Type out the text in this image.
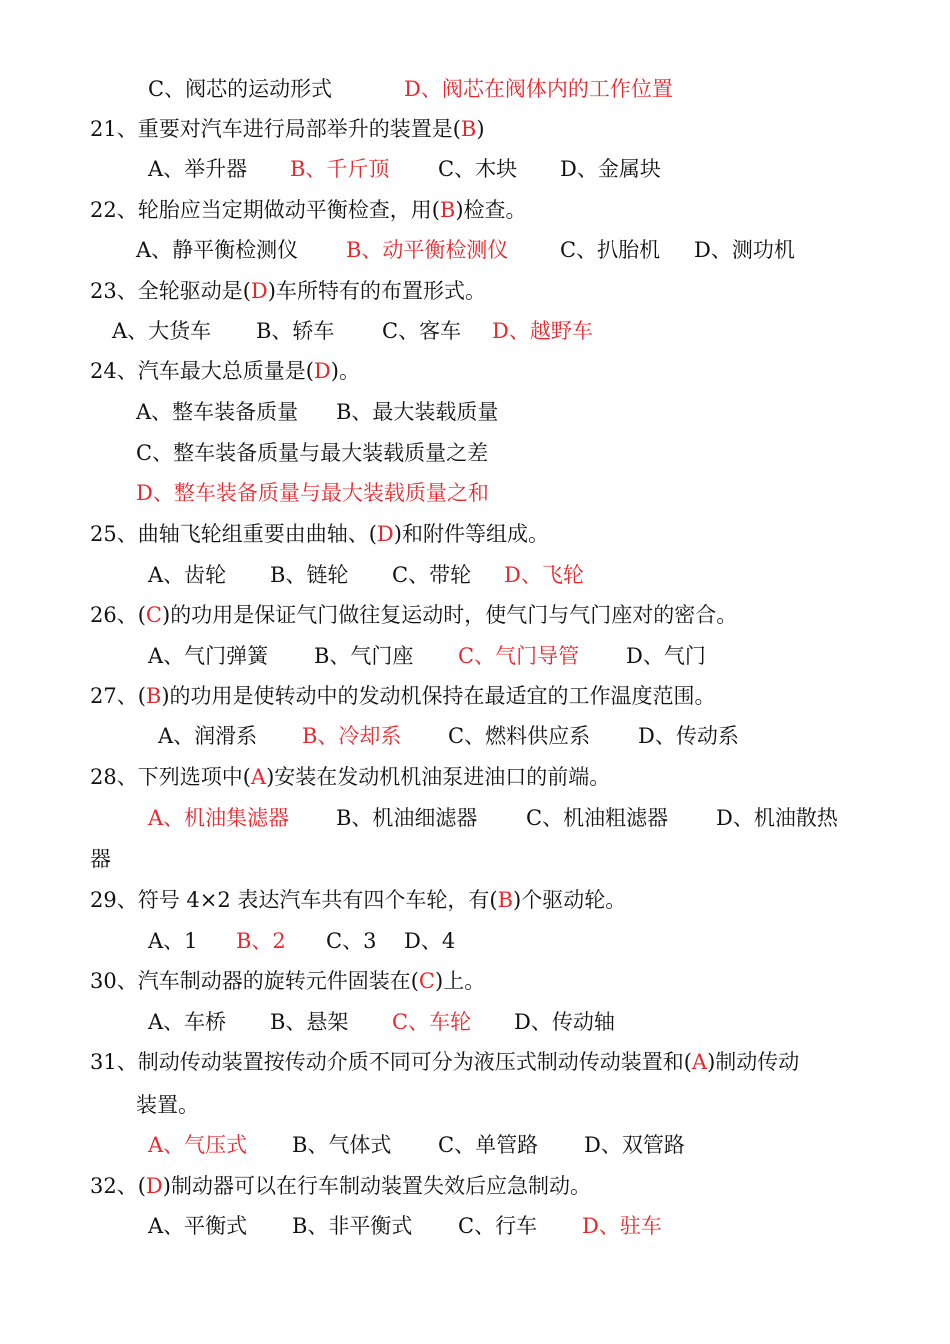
C、阀芯的运动形式	D、阀芯在阀体内的工作位置
21、重要对汽车进行局部举升的装置是(B)
A、举升器 B、千斤顶 C、木块 D、金属块
22、轮胎应当定期做动平衡检查，用(B)检查。
A、静平衡检测仪 B、动平衡检测仪 C、扒胎机 D、测功机
23、全轮驱动是(D)车所特有的布置形式。
A、大货车 B、轿车 C、客车 D、越野车
24、汽车最大总质量是(D)。
A、整车装备质量 B、最大装载质量
C、整车装备质量与最大装载质量之差
D、整车装备质量与最大装载质量之和
25、曲轴飞轮组重要由曲轴、(D)和附件等组成。
A、齿轮 B、链轮 C、带轮 D、飞轮
26、(C)的功用是保证气门做往复运动时，使气门与气门座对的密合。
A、气门弹簧 B、气门座 C、气门导管 D、气门
27、(B)的功用是使转动中的发动机保持在最适宜的工作温度范围。
A、润滑系 B、冷却系 C、燃料供应系 D、传动系
28、下列选项中(A)安装在发动机机油泵进油口的前端。
A、机油集滤器 B、机油细滤器 C、机油粗滤器 D、机油散热
器
29、符号 4×2 表达汽车共有四个车轮，有(B)个驱动轮。
A、1 B、2 C、3 D、4
30、汽车制动器的旋转元件固装在(C)上。
A、车桥 B、悬架 C、车轮 D、传动轴
31、制动传动装置按传动介质不同可分为液压式制动传动装置和(A)制动传动
装置。
A、气压式 B、气体式 C、单管路 D、双管路
32、(D)制动器可以在行车制动装置失效后应急制动。
A、平衡式 B、非平衡式 C、行车 D、驻车
